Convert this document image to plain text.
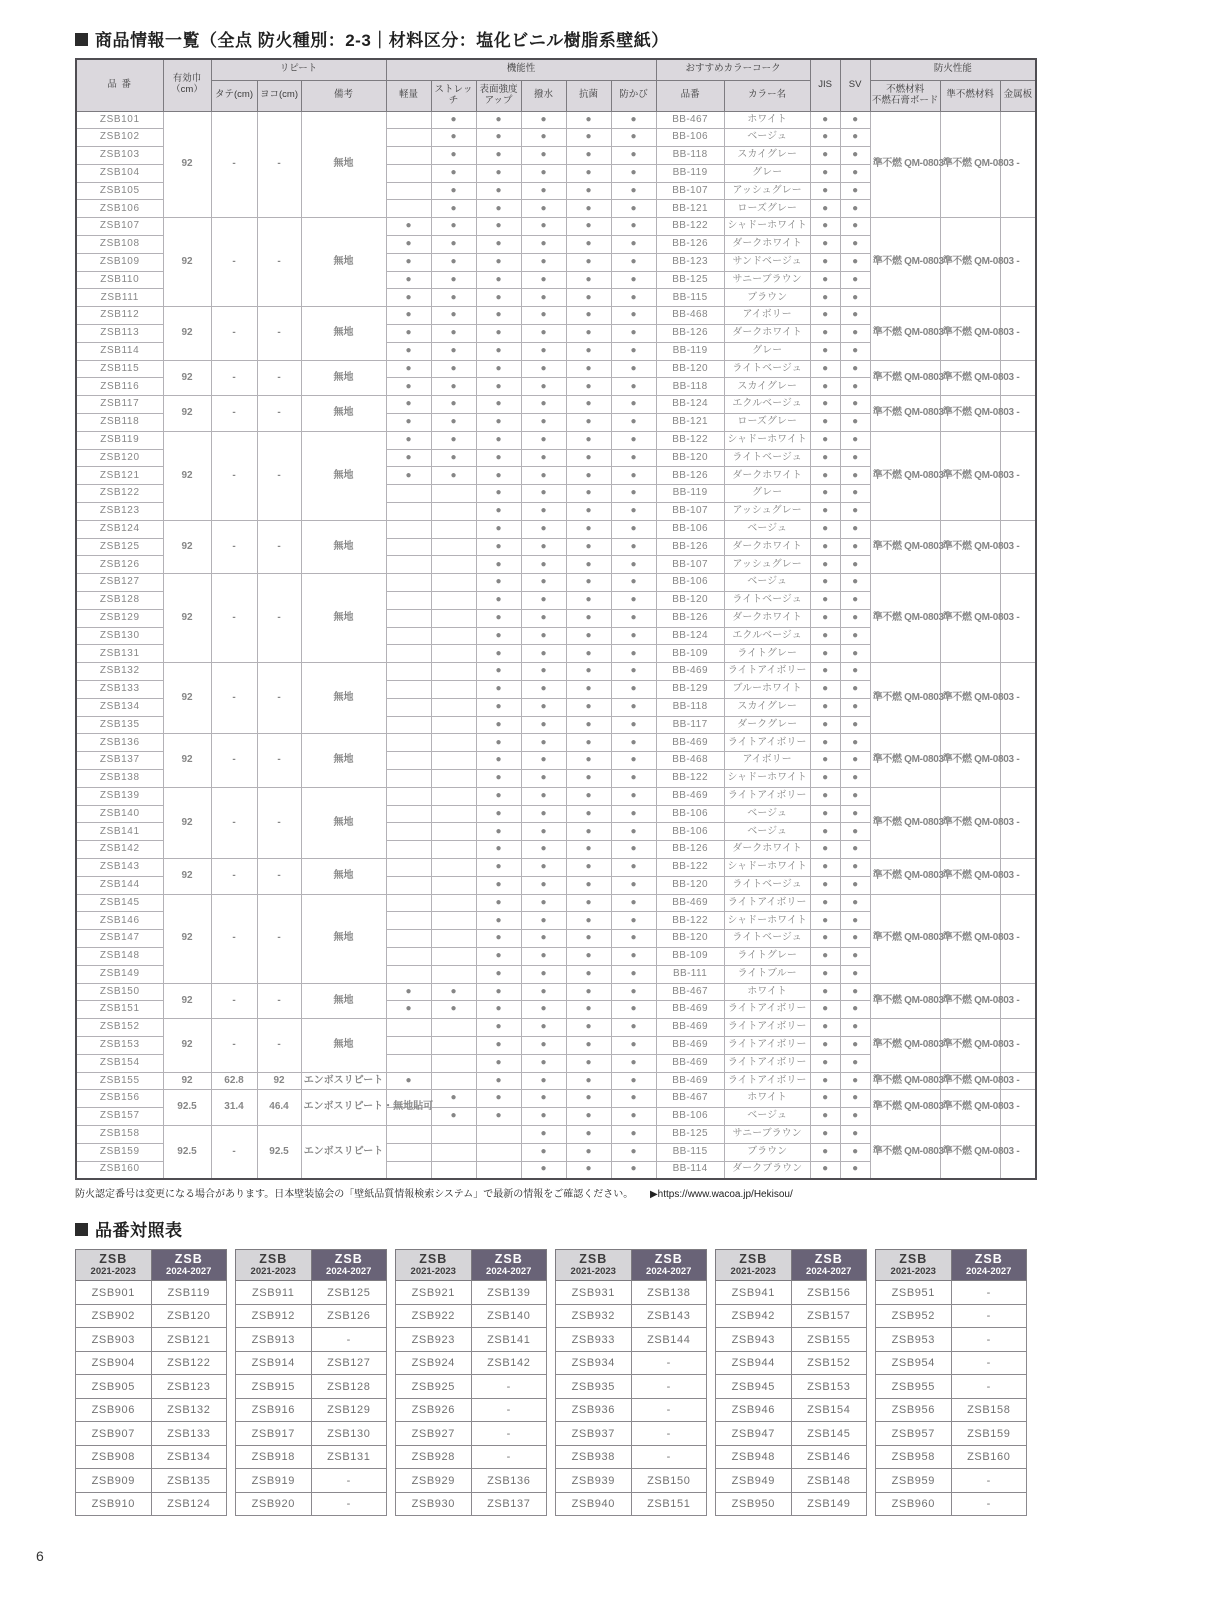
商品情報一覧（全点 防火種別：2-3｜材料区分：塩化ビニル樹脂系壁紙）
品 番	有効巾
（cm）	リピート			機能性						おすすめカラーコーク		JIS	SV	防火性能		
		タテ(cm)	ヨコ(cm)	備考	軽量	ストレッチ	表面強度
アップ	撥水	抗菌	防かび	品番	カラー名			不燃材料
不燃石膏ボード	準不燃材料	金属板
ZSB101	92	-	-	無地		●	●	●	●	●	BB-467	ホワイト	●	●	準不燃 QM-0803	準不燃 QM-0803	-
ZSB102						●	●	●	●	●	BB-106	ベージュ	●	●			
ZSB103						●	●	●	●	●	BB-118	スカイグレー	●	●			
ZSB104						●	●	●	●	●	BB-119	グレー	●	●			
ZSB105						●	●	●	●	●	BB-107	アッシュグレー	●	●			
ZSB106						●	●	●	●	●	BB-121	ローズグレー	●	●			
ZSB107	92	-	-	無地	●	●	●	●	●	●	BB-122	シャドーホワイト	●	●	準不燃 QM-0803	準不燃 QM-0803	-
ZSB108					●	●	●	●	●	●	BB-126	ダークホワイト	●	●			
ZSB109					●	●	●	●	●	●	BB-123	サンドベージュ	●	●			
ZSB110					●	●	●	●	●	●	BB-125	サニーブラウン	●	●			
ZSB111					●	●	●	●	●	●	BB-115	ブラウン	●	●			
ZSB112	92	-	-	無地	●	●	●	●	●	●	BB-468	アイボリー	●	●	準不燃 QM-0803	準不燃 QM-0803	-
ZSB113					●	●	●	●	●	●	BB-126	ダークホワイト	●	●			
ZSB114					●	●	●	●	●	●	BB-119	グレー	●	●			
ZSB115	92	-	-	無地	●	●	●	●	●	●	BB-120	ライトベージュ	●	●	準不燃 QM-0803	準不燃 QM-0803	-
ZSB116					●	●	●	●	●	●	BB-118	スカイグレー	●	●			
ZSB117	92	-	-	無地	●	●	●	●	●	●	BB-124	エクルベージュ	●	●	準不燃 QM-0803	準不燃 QM-0803	-
ZSB118					●	●	●	●	●	●	BB-121	ローズグレー	●	●			
ZSB119	92	-	-	無地	●	●	●	●	●	●	BB-122	シャドーホワイト	●	●	準不燃 QM-0803	準不燃 QM-0803	-
ZSB120					●	●	●	●	●	●	BB-120	ライトベージュ	●	●			
ZSB121					●	●	●	●	●	●	BB-126	ダークホワイト	●	●			
ZSB122							●	●	●	●	BB-119	グレー	●	●			
ZSB123							●	●	●	●	BB-107	アッシュグレー	●	●			
ZSB124	92	-	-	無地			●	●	●	●	BB-106	ベージュ	●	●	準不燃 QM-0803	準不燃 QM-0803	-
ZSB125							●	●	●	●	BB-126	ダークホワイト	●	●			
ZSB126							●	●	●	●	BB-107	アッシュグレー	●	●			
ZSB127	92	-	-	無地			●	●	●	●	BB-106	ベージュ	●	●	準不燃 QM-0803	準不燃 QM-0803	-
ZSB128							●	●	●	●	BB-120	ライトベージュ	●	●			
ZSB129							●	●	●	●	BB-126	ダークホワイト	●	●			
ZSB130							●	●	●	●	BB-124	エクルベージュ	●	●			
ZSB131							●	●	●	●	BB-109	ライトグレー	●	●			
ZSB132	92	-	-	無地			●	●	●	●	BB-469	ライトアイボリー	●	●	準不燃 QM-0803	準不燃 QM-0803	-
ZSB133							●	●	●	●	BB-129	ブルーホワイト	●	●			
ZSB134							●	●	●	●	BB-118	スカイグレー	●	●			
ZSB135							●	●	●	●	BB-117	ダークグレー	●	●			
ZSB136	92	-	-	無地			●	●	●	●	BB-469	ライトアイボリー	●	●	準不燃 QM-0803	準不燃 QM-0803	-
ZSB137							●	●	●	●	BB-468	アイボリー	●	●			
ZSB138							●	●	●	●	BB-122	シャドーホワイト	●	●			
ZSB139	92	-	-	無地			●	●	●	●	BB-469	ライトアイボリー	●	●	準不燃 QM-0803	準不燃 QM-0803	-
ZSB140							●	●	●	●	BB-106	ベージュ	●	●			
ZSB141							●	●	●	●	BB-106	ベージュ	●	●			
ZSB142							●	●	●	●	BB-126	ダークホワイト	●	●			
ZSB143	92	-	-	無地			●	●	●	●	BB-122	シャドーホワイト	●	●	準不燃 QM-0803	準不燃 QM-0803	-
ZSB144							●	●	●	●	BB-120	ライトベージュ	●	●			
ZSB145	92	-	-	無地			●	●	●	●	BB-469	ライトアイボリー	●	●	準不燃 QM-0803	準不燃 QM-0803	-
ZSB146							●	●	●	●	BB-122	シャドーホワイト	●	●			
ZSB147							●	●	●	●	BB-120	ライトベージュ	●	●			
ZSB148							●	●	●	●	BB-109	ライトグレー	●	●			
ZSB149							●	●	●	●	BB-111	ライトブルー	●	●			
ZSB150	92	-	-	無地	●	●	●	●	●	●	BB-467	ホワイト	●	●	準不燃 QM-0803	準不燃 QM-0803	-
ZSB151					●	●	●	●	●	●	BB-469	ライトアイボリー	●	●			
ZSB152	92	-	-	無地			●	●	●	●	BB-469	ライトアイボリー	●	●	準不燃 QM-0803	準不燃 QM-0803	-
ZSB153							●	●	●	●	BB-469	ライトアイボリー	●	●			
ZSB154							●	●	●	●	BB-469	ライトアイボリー	●	●			
ZSB155	92	62.8	92	エンボスリピート	●		●	●	●	●	BB-469	ライトアイボリー	●	●	準不燃 QM-0803	準不燃 QM-0803	-
ZSB156	92.5	31.4	46.4	エンボスリピート・無地貼可		●	●	●	●	●	BB-467	ホワイト	●	●	準不燃 QM-0803	準不燃 QM-0803	-
ZSB157						●	●	●	●	●	BB-106	ベージュ	●	●			
ZSB158	92.5	-	92.5	エンボスリピート				●	●	●	BB-125	サニーブラウン	●	●	準不燃 QM-0803	準不燃 QM-0803	-
ZSB159								●	●	●	BB-115	ブラウン	●	●			
ZSB160								●	●	●	BB-114	ダークブラウン	●	●			
防火認定番号は変更になる場合があります。日本壁装協会の「壁紙品質情報検索システム」で最新の情報をご確認ください。 ▶https://www.wacoa.jp/Hekisou/
品番対照表
ZSB
2021-2023

ZSB
2024-2027

ZSB901	ZSB119
ZSB902	ZSB120
ZSB903	ZSB121
ZSB904	ZSB122
ZSB905	ZSB123
ZSB906	ZSB132
ZSB907	ZSB133
ZSB908	ZSB134
ZSB909	ZSB135
ZSB910	ZSB124
ZSB
2021-2023

ZSB
2024-2027

ZSB911	ZSB125
ZSB912	ZSB126
ZSB913	-
ZSB914	ZSB127
ZSB915	ZSB128
ZSB916	ZSB129
ZSB917	ZSB130
ZSB918	ZSB131
ZSB919	-
ZSB920	-
ZSB
2021-2023

ZSB
2024-2027

ZSB921	ZSB139
ZSB922	ZSB140
ZSB923	ZSB141
ZSB924	ZSB142
ZSB925	-
ZSB926	-
ZSB927	-
ZSB928	-
ZSB929	ZSB136
ZSB930	ZSB137
ZSB
2021-2023

ZSB
2024-2027

ZSB931	ZSB138
ZSB932	ZSB143
ZSB933	ZSB144
ZSB934	-
ZSB935	-
ZSB936	-
ZSB937	-
ZSB938	-
ZSB939	ZSB150
ZSB940	ZSB151
ZSB
2021-2023

ZSB
2024-2027

ZSB941	ZSB156
ZSB942	ZSB157
ZSB943	ZSB155
ZSB944	ZSB152
ZSB945	ZSB153
ZSB946	ZSB154
ZSB947	ZSB145
ZSB948	ZSB146
ZSB949	ZSB148
ZSB950	ZSB149
ZSB
2021-2023

ZSB
2024-2027

ZSB951	-
ZSB952	-
ZSB953	-
ZSB954	-
ZSB955	-
ZSB956	ZSB158
ZSB957	ZSB159
ZSB958	ZSB160
ZSB959	-
ZSB960	-
6
